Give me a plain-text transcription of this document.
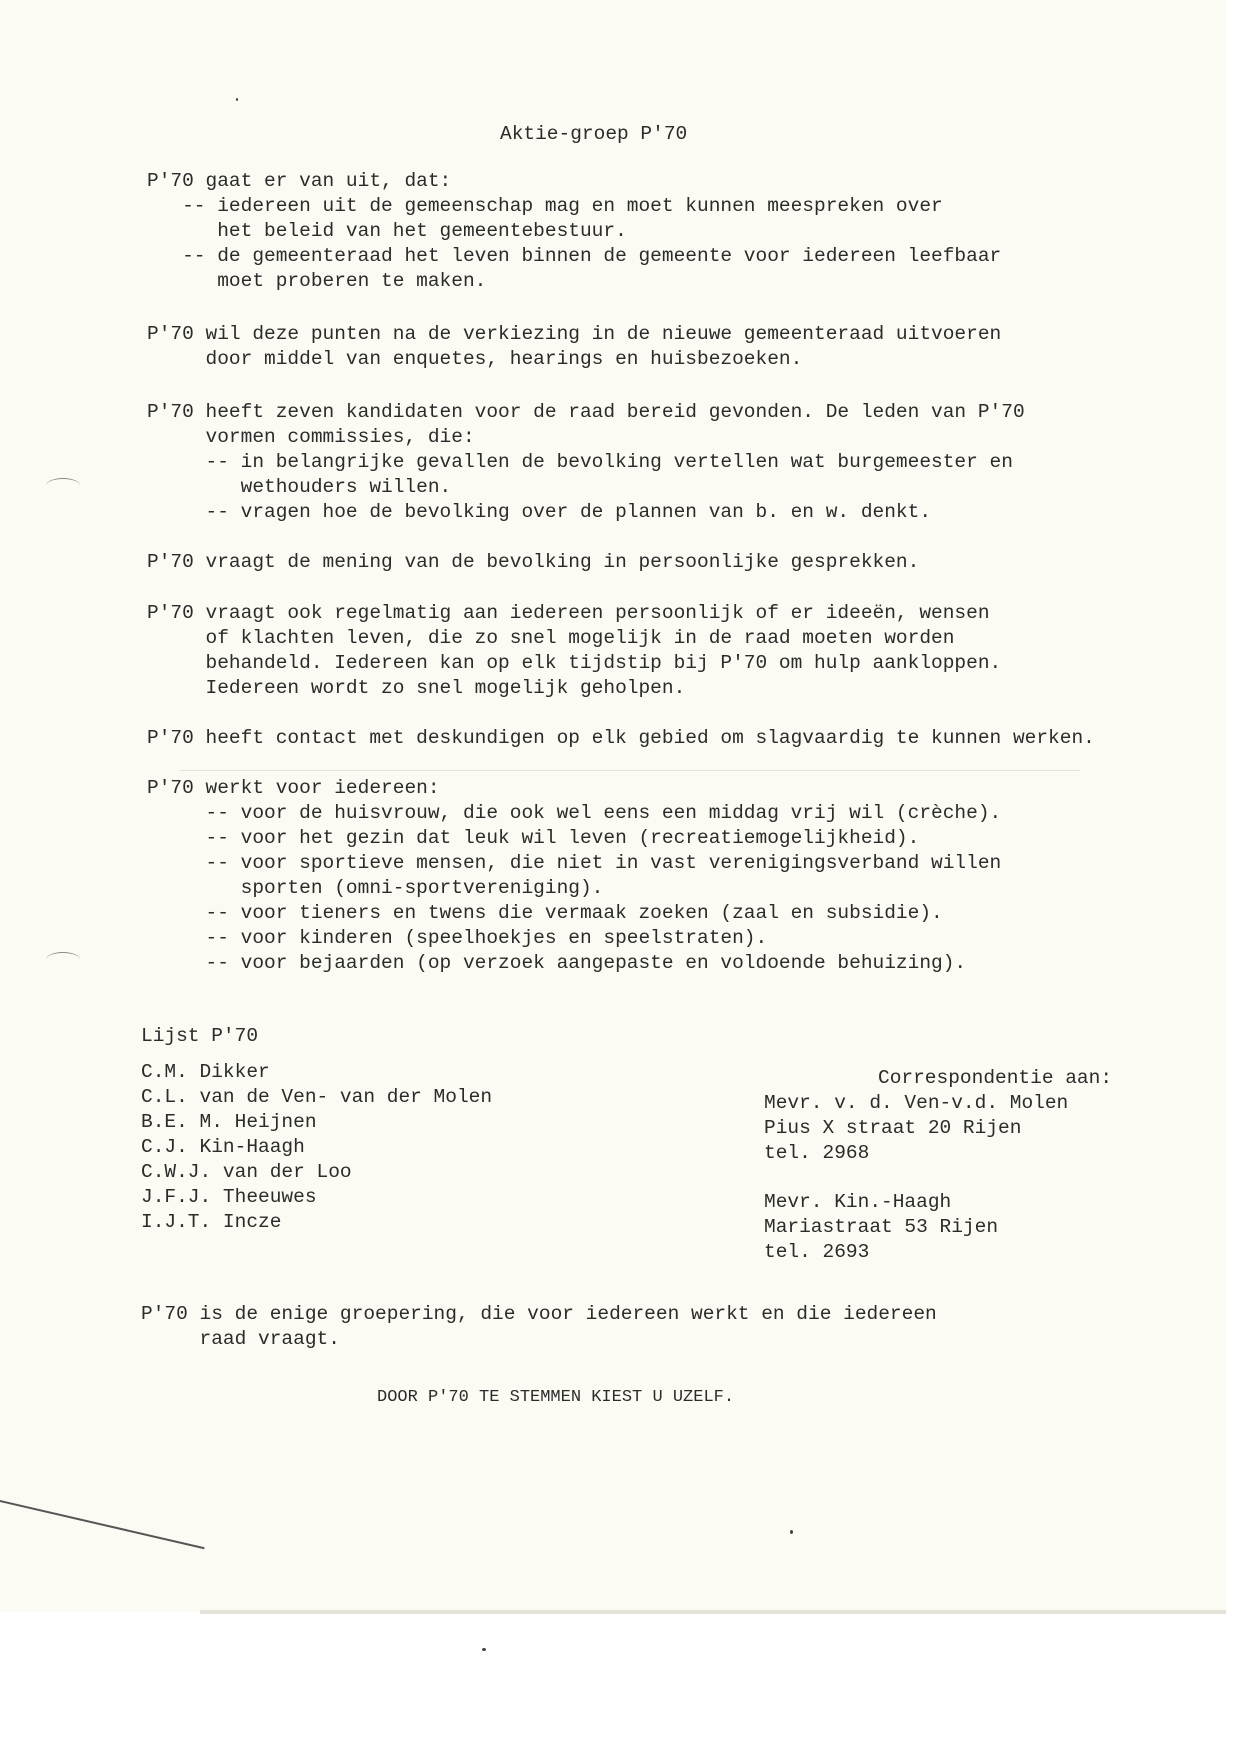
Aktie-groep P'70
P'70 gaat er van uit, dat:
-- iedereen uit de gemeenschap mag en moet kunnen meespreken over
het beleid van het gemeentebestuur.
-- de gemeenteraad het leven binnen de gemeente voor iedereen leefbaar
moet proberen te maken.
P'70 wil deze punten na de verkiezing in de nieuwe gemeenteraad uitvoeren
door middel van enquetes, hearings en huisbezoeken.
P'70 heeft zeven kandidaten voor de raad bereid gevonden. De leden van P'70
vormen commissies, die:
-- in belangrijke gevallen de bevolking vertellen wat burgemeester en
wethouders willen.
-- vragen hoe de bevolking over de plannen van b. en w. denkt.
P'70 vraagt de mening van de bevolking in persoonlijke gesprekken.
P'70 vraagt ook regelmatig aan iedereen persoonlijk of er ideeën, wensen
of klachten leven, die zo snel mogelijk in de raad moeten worden
behandeld. Iedereen kan op elk tijdstip bij P'70 om hulp aankloppen.
Iedereen wordt zo snel mogelijk geholpen.
P'70 heeft contact met deskundigen op elk gebied om slagvaardig te kunnen werken.
P'70 werkt voor iedereen:
-- voor de huisvrouw, die ook wel eens een middag vrij wil (crèche).
-- voor het gezin dat leuk wil leven (recreatiemogelijkheid).
-- voor sportieve mensen, die niet in vast verenigingsverband willen
sporten (omni-sportvereniging).
-- voor tieners en twens die vermaak zoeken (zaal en subsidie).
-- voor kinderen (speelhoekjes en speelstraten).
-- voor bejaarden (op verzoek aangepaste en voldoende behuizing).
Lijst P'70
C.M. Dikker
C.L. van de Ven- van der Molen
B.E. M. Heijnen
C.J. Kin-Haagh
C.W.J. van der Loo
J.F.J. Theeuwes
I.J.T. Incze
Correspondentie aan:
Mevr. v. d. Ven-v.d. Molen
Pius X straat 20 Rijen
tel. 2968
Mevr. Kin.-Haagh
Mariastraat 53 Rijen
tel. 2693
P'70 is de enige groepering, die voor iedereen werkt en die iedereen
raad vraagt.
DOOR P'70 TE STEMMEN KIEST U UZELF.
